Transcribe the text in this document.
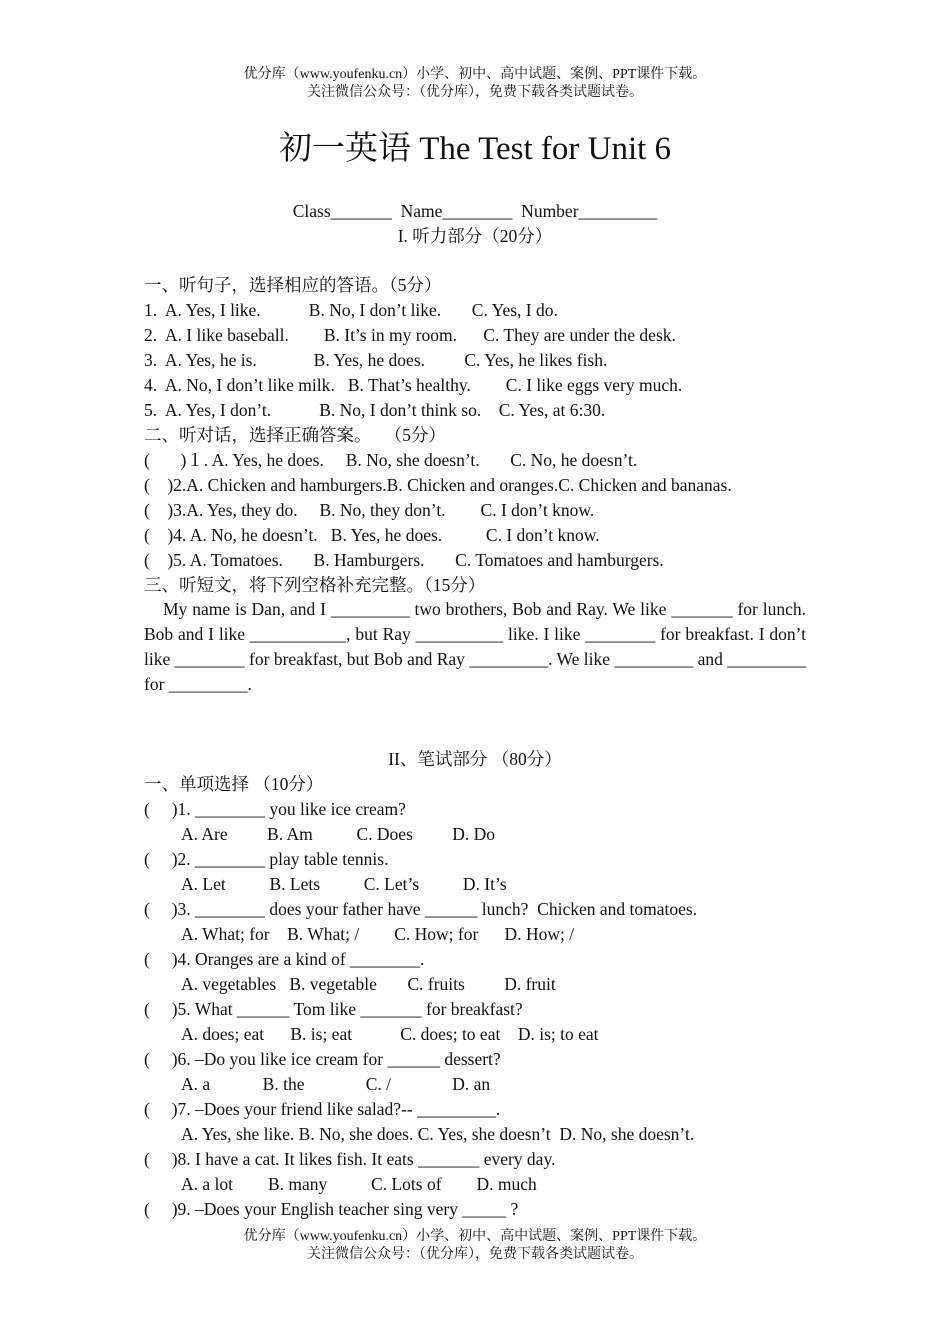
优分库（www.youfenku.cn）小学、初中、高中试题、案例、PPT课件下载。
关注微信公众号：（优分库），免费下载各类试题试卷。
初一英语 The Test for Unit 6
Class_______  Name________  Number_________
I. 听力部分（20分）
一、听句子，选择相应的答语。（5分）
1.  A. Yes, I like.           B. No, I don’t like.       C. Yes, I do.
2.  A. I like baseball.        B. It’s in my room.      C. They are under the desk.
3.  A. Yes, he is.             B. Yes, he does.         C. Yes, he likes fish.
4.  A. No, I don’t like milk.   B. That’s healthy.        C. I like eggs very much.
5.  A. Yes, I don’t.           B. No, I don’t think so.    C. Yes, at 6:30.
二、听对话，选择正确答案。   （5分）
(       )１. A. Yes, he does.     B. No, she doesn’t.       C. No, he doesn’t.
(    )2.A. Chicken and hamburgers.B. Chicken and oranges.C. Chicken and bananas.
(    )3.A. Yes, they do.     B. No, they don’t.        C. I don’t know.
(    )4. A. No, he doesn’t.   B. Yes, he does.          C. I don’t know.
(    )5. A. Tomatoes.       B. Hamburgers.       C. Tomatoes and hamburgers.
三、听短文，将下列空格补充完整。（15分）
My name is Dan, and I _________ two brothers, Bob and Ray. We like _______ for lunch. Bob and I like ___________, but Ray __________ like. I like ________ for breakfast. I don’t like ________ for breakfast, but Bob and Ray _________. We like _________ and _________ for _________.
II、笔试部分 （80分）
一、单项选择 （10分）
(     )1. ________ you like ice cream?
A. Are         B. Am          C. Does         D. Do
(     )2. ________ play table tennis.
A. Let          B. Lets          C. Let’s          D. It’s
(     )3. ________ does your father have ______ lunch?  Chicken and tomatoes.
A. What; for    B. What; /        C. How; for      D. How; /
(     )4. Oranges are a kind of ________.
A. vegetables   B. vegetable       C. fruits         D. fruit
(     )5. What ______ Tom like _______ for breakfast?
A. does; eat      B. is; eat           C. does; to eat    D. is; to eat
(     )6. –Do you like ice cream for ______ dessert?
A. a            B. the              C. /              D. an
(     )7. –Does your friend like salad?-- _________.
A. Yes, she like. B. No, she does. C. Yes, she doesn’t  D. No, she doesn’t.
(     )8. I have a cat. It likes fish. It eats _______ every day.
A. a lot        B. many          C. Lots of        D. much
(     )9. –Does your English teacher sing very _____ ?
优分库（www.youfenku.cn）小学、初中、高中试题、案例、PPT课件下载。
关注微信公众号：（优分库），免费下载各类试题试卷。
